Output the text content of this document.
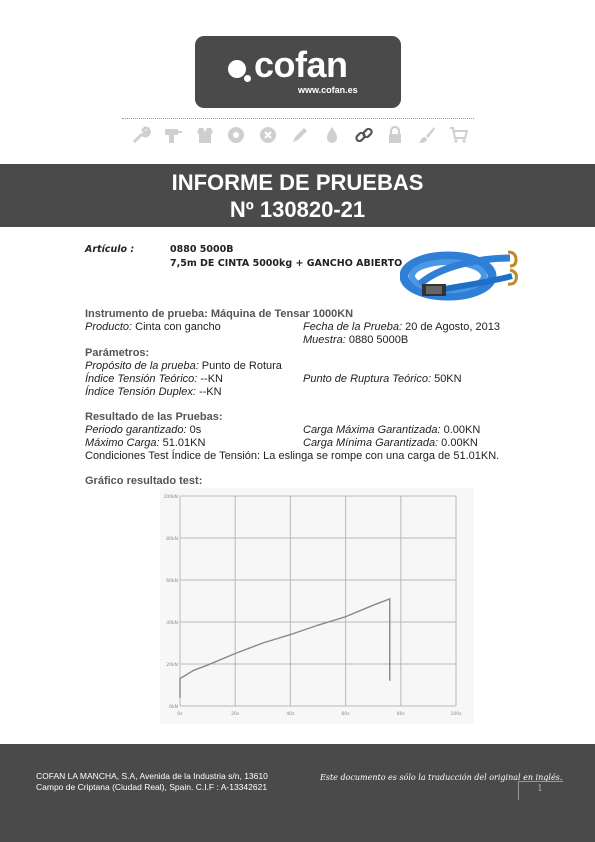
cofan
www.cofan.es
INFORME DE PRUEBAS
Nº 130820-21
Artículo :	0880 5000B
7,5m DE CINTA 5000kg + GANCHO ABIERTO
Instrumento de prueba: Máquina de Tensar 1000KN
Producto: Cinta con gancho	Fecha de la Prueba: 20 de Agosto, 2013
Muestra: 0880 5000B
Parámetros:
Propósito de la prueba: Punto de Rotura
Índice Tensión Teórico: --KN	Punto de Ruptura Teórico: 50KN
Índice Tensión Duplex: --KN
Resultado de las Pruebas:
Periodo garantizado: 0s	Carga Máxima Garantizada: 0.00KN
Máximo Carga: 51.01KN	Carga Mínima Garantizada: 0.00KN
Condiciones Test Índice de Tensión: La eslinga se rompe con una carga de 51.01KN.
Gráfico resultado test:
0kN
20kN
40kN
60kN
80kN
100kN
0s	20s	40s	60s	80s	100s
COFAN LA MANCHA, S.A, Avenida de la Industria s/n, 13610
Campo de Criptana (Ciudad Real), Spain. C.I.F : A-13342621
Este documento es sólo la traducción del original en inglés.
1
